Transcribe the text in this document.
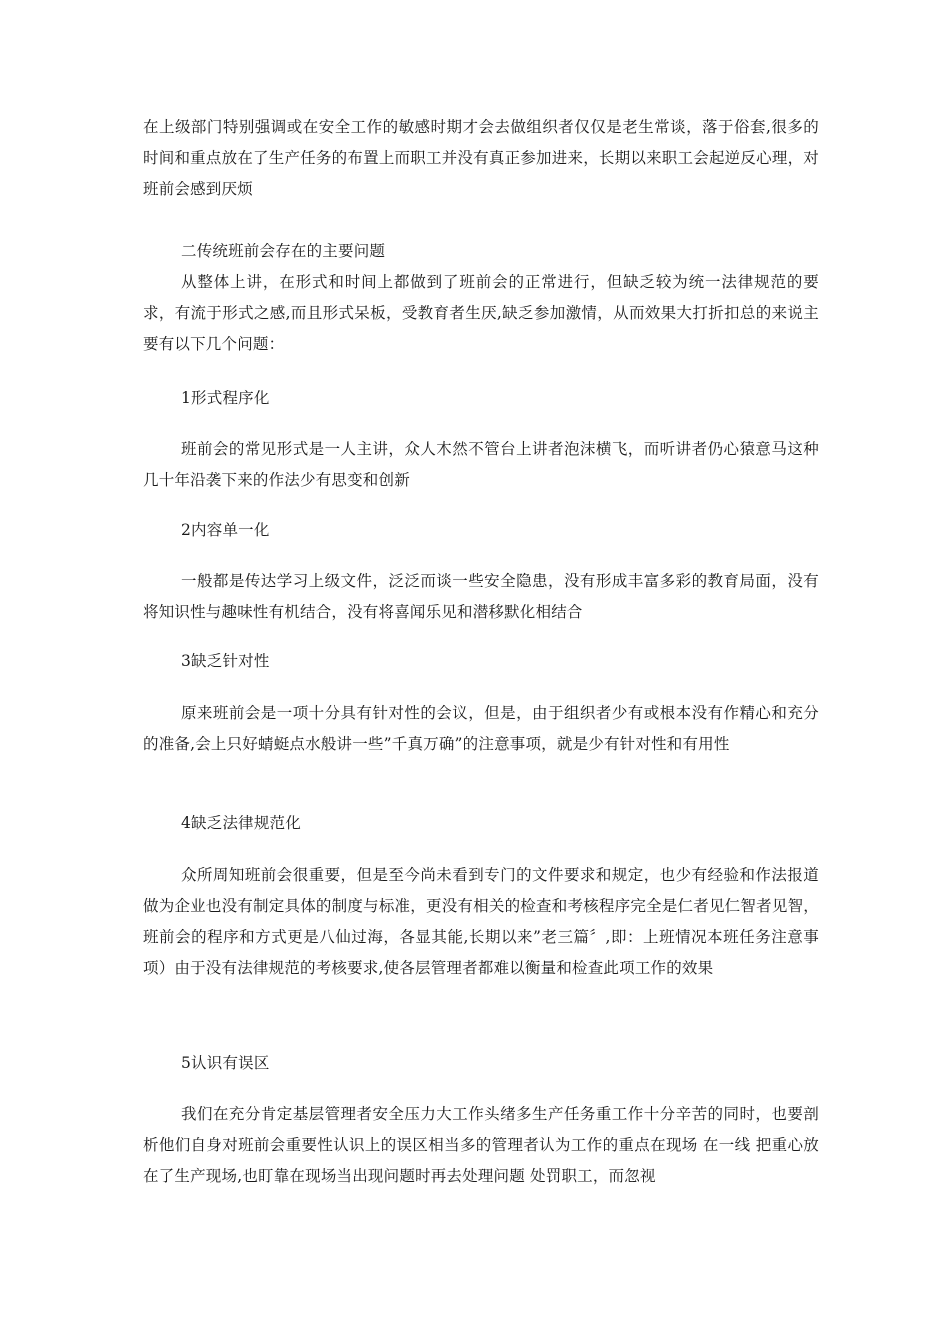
在上级部门特别强调或在安全工作的敏感时期才会去做组织者仅仅是老生常谈，落于俗套,很多的时间和重点放在了生产任务的布置上而职工并没有真正参加进来，长期以来职工会起逆反心理，对班前会感到厌烦

二传统班前会存在的主要问题

从整体上讲，在形式和时间上都做到了班前会的正常进行，但缺乏较为统一法律规范的要求，有流于形式之感,而且形式呆板，受教育者生厌,缺乏参加激情，从而效果大打折扣总的来说主要有以下几个问题：

1形式程序化

班前会的常见形式是一人主讲，众人木然不管台上讲者泡沫横飞，而听讲者仍心猿意马这种几十年沿袭下来的作法少有思变和创新

2内容单一化

一般都是传达学习上级文件，泛泛而谈一些安全隐患，没有形成丰富多彩的教育局面，没有将知识性与趣味性有机结合，没有将喜闻乐见和潜移默化相结合

3缺乏针对性

原来班前会是一项十分具有针对性的会议，但是，由于组织者少有或根本没有作精心和充分的准备,会上只好蜻蜓点水般讲一些”千真万确”的注意事项，就是少有针对性和有用性

4缺乏法律规范化

众所周知班前会很重要，但是至今尚未看到专门的文件要求和规定，也少有经验和作法报道做为企业也没有制定具体的制度与标准，更没有相关的检查和考核程序完全是仁者见仁智者见智，班前会的程序和方式更是八仙过海，各显其能,长期以来”老三篇〞,即：上班情况本班任务注意事项）由于没有法律规范的考核要求,使各层管理者都难以衡量和检查此项工作的效果

5认识有误区

我们在充分肯定基层管理者安全压力大工作头绪多生产任务重工作十分辛苦的同时，也要剖析他们自身对班前会重要性认识上的误区相当多的管理者认为工作的重点在现场 在一线 把重心放在了生产现场,也盯靠在现场当出现问题时再去处理问题 处罚职工，而忽视
